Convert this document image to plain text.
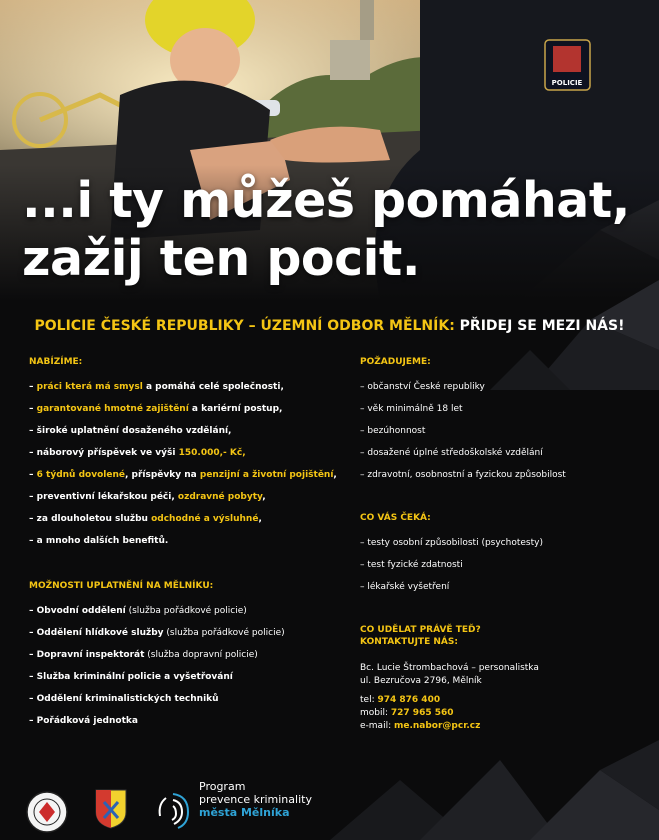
...i ty můžeš pomáhat,
zažij ten pocit.
POLICIE ČESKÉ REPUBLIKY – ÚZEMNÍ ODBOR MĚLNÍK: PŘIDEJ SE MEZI NÁS!
NABÍZÍME:
– práci která má smysl a pomáhá celé společnosti,
– garantované hmotné zajištění a kariérní postup,
– široké uplatnění dosaženého vzdělání,
– náborový příspěvek ve výši 150.000,- Kč,
– 6 týdnů dovolené, příspěvky na penzijní a životní pojištění,
– preventivní lékařskou péči, ozdravné pobyty,
– za dlouholetou službu odchodné a výsluhné,
– a mnoho dalších benefitů.
MOŽNOSTI UPLATNĚNÍ NA MĚLNÍKU:
– Obvodní oddělení (služba pořádkové policie)
– Oddělení hlídkové služby (služba pořádkové policie)
– Dopravní inspektorát (služba dopravní policie)
– Služba kriminální policie a vyšetřování
– Oddělení kriminalistických techniků
– Pořádková jednotka
POŽADUJEME:
– občanství České republiky
– věk minimálně 18 let
– bezúhonnost
– dosažené úplné středoškolské vzdělání
– zdravotní, osobnostní a fyzickou způsobilost
CO VÁS ČEKÁ:
– testy osobní způsobilosti (psychotesty)
– test fyzické zdatnosti
– lékařské vyšetření
CO UDĚLAT PRÁVĚ TEĎ?
KONTAKTUJTE NÁS:
Bc. Lucie Štrombachová – personalistka
ul. Bezručova 2796, Mělník
tel: 974 876 400
mobil: 727 965 560
e-mail: me.nabor@pcr.cz
Program
prevence kriminality
města Mělníka
